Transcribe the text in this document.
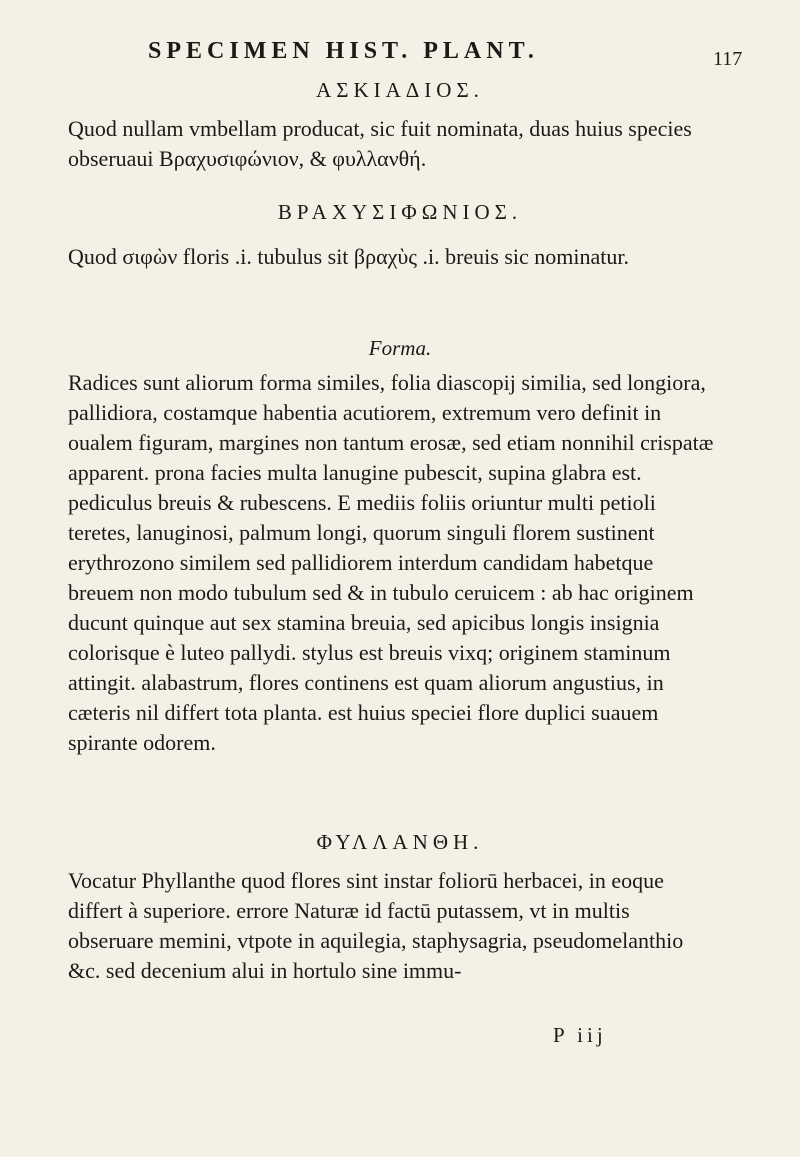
SPECIMEN HIST. PLANT.	117
ΑΣΚΙΑΔΙΟΣ.

Quod nullam vmbellam producat, sic fuit nominata, duas huius species obseruaui Βραχυσιφώνιον, & φυλλανθή.

ΒΡΑΧΥΣΙΦΩΝΙΟΣ.

Quod σιφὼν floris .i. tubulus sit βραχὺς .i. breuis sic nominatur.

Forma.

Radices sunt aliorum forma similes, folia diascopij similia, sed longiora, pallidiora, costamque habentia acutiorem, extremum vero definit in oualem figuram, margines non tantum erosæ, sed etiam nonnihil crispatæ apparent. prona facies multa lanugine pubescit, supina glabra est. pediculus breuis & rubescens. E mediis foliis oriuntur multi petioli teretes, lanuginosi, palmum longi, quorum singuli florem sustinent erythrozono similem sed pallidiorem interdum candidam habetque breuem non modo tubulum sed & in tubulo ceruicem : ab hac originem ducunt quinque aut sex stamina breuia, sed apicibus longis insignia colorisque è luteo pallydi. stylus est breuis vixq; originem staminum attingit. alabastrum, flores continens est quam aliorum angustius, in cæteris nil differt tota planta. est huius speciei flore duplici suauem spirante odorem.

ΦΥΛΛΑΝΘΗ.

Vocatur Phyllanthe quod flores sint instar foliorū herbacei, in eoque differt à superiore. errore Naturæ id factū putassem, vt in multis obseruare memini, vtpote in aquilegia, staphysagria, pseudomelanthio &c. sed decenium alui in hortulo sine immu-

P iij
